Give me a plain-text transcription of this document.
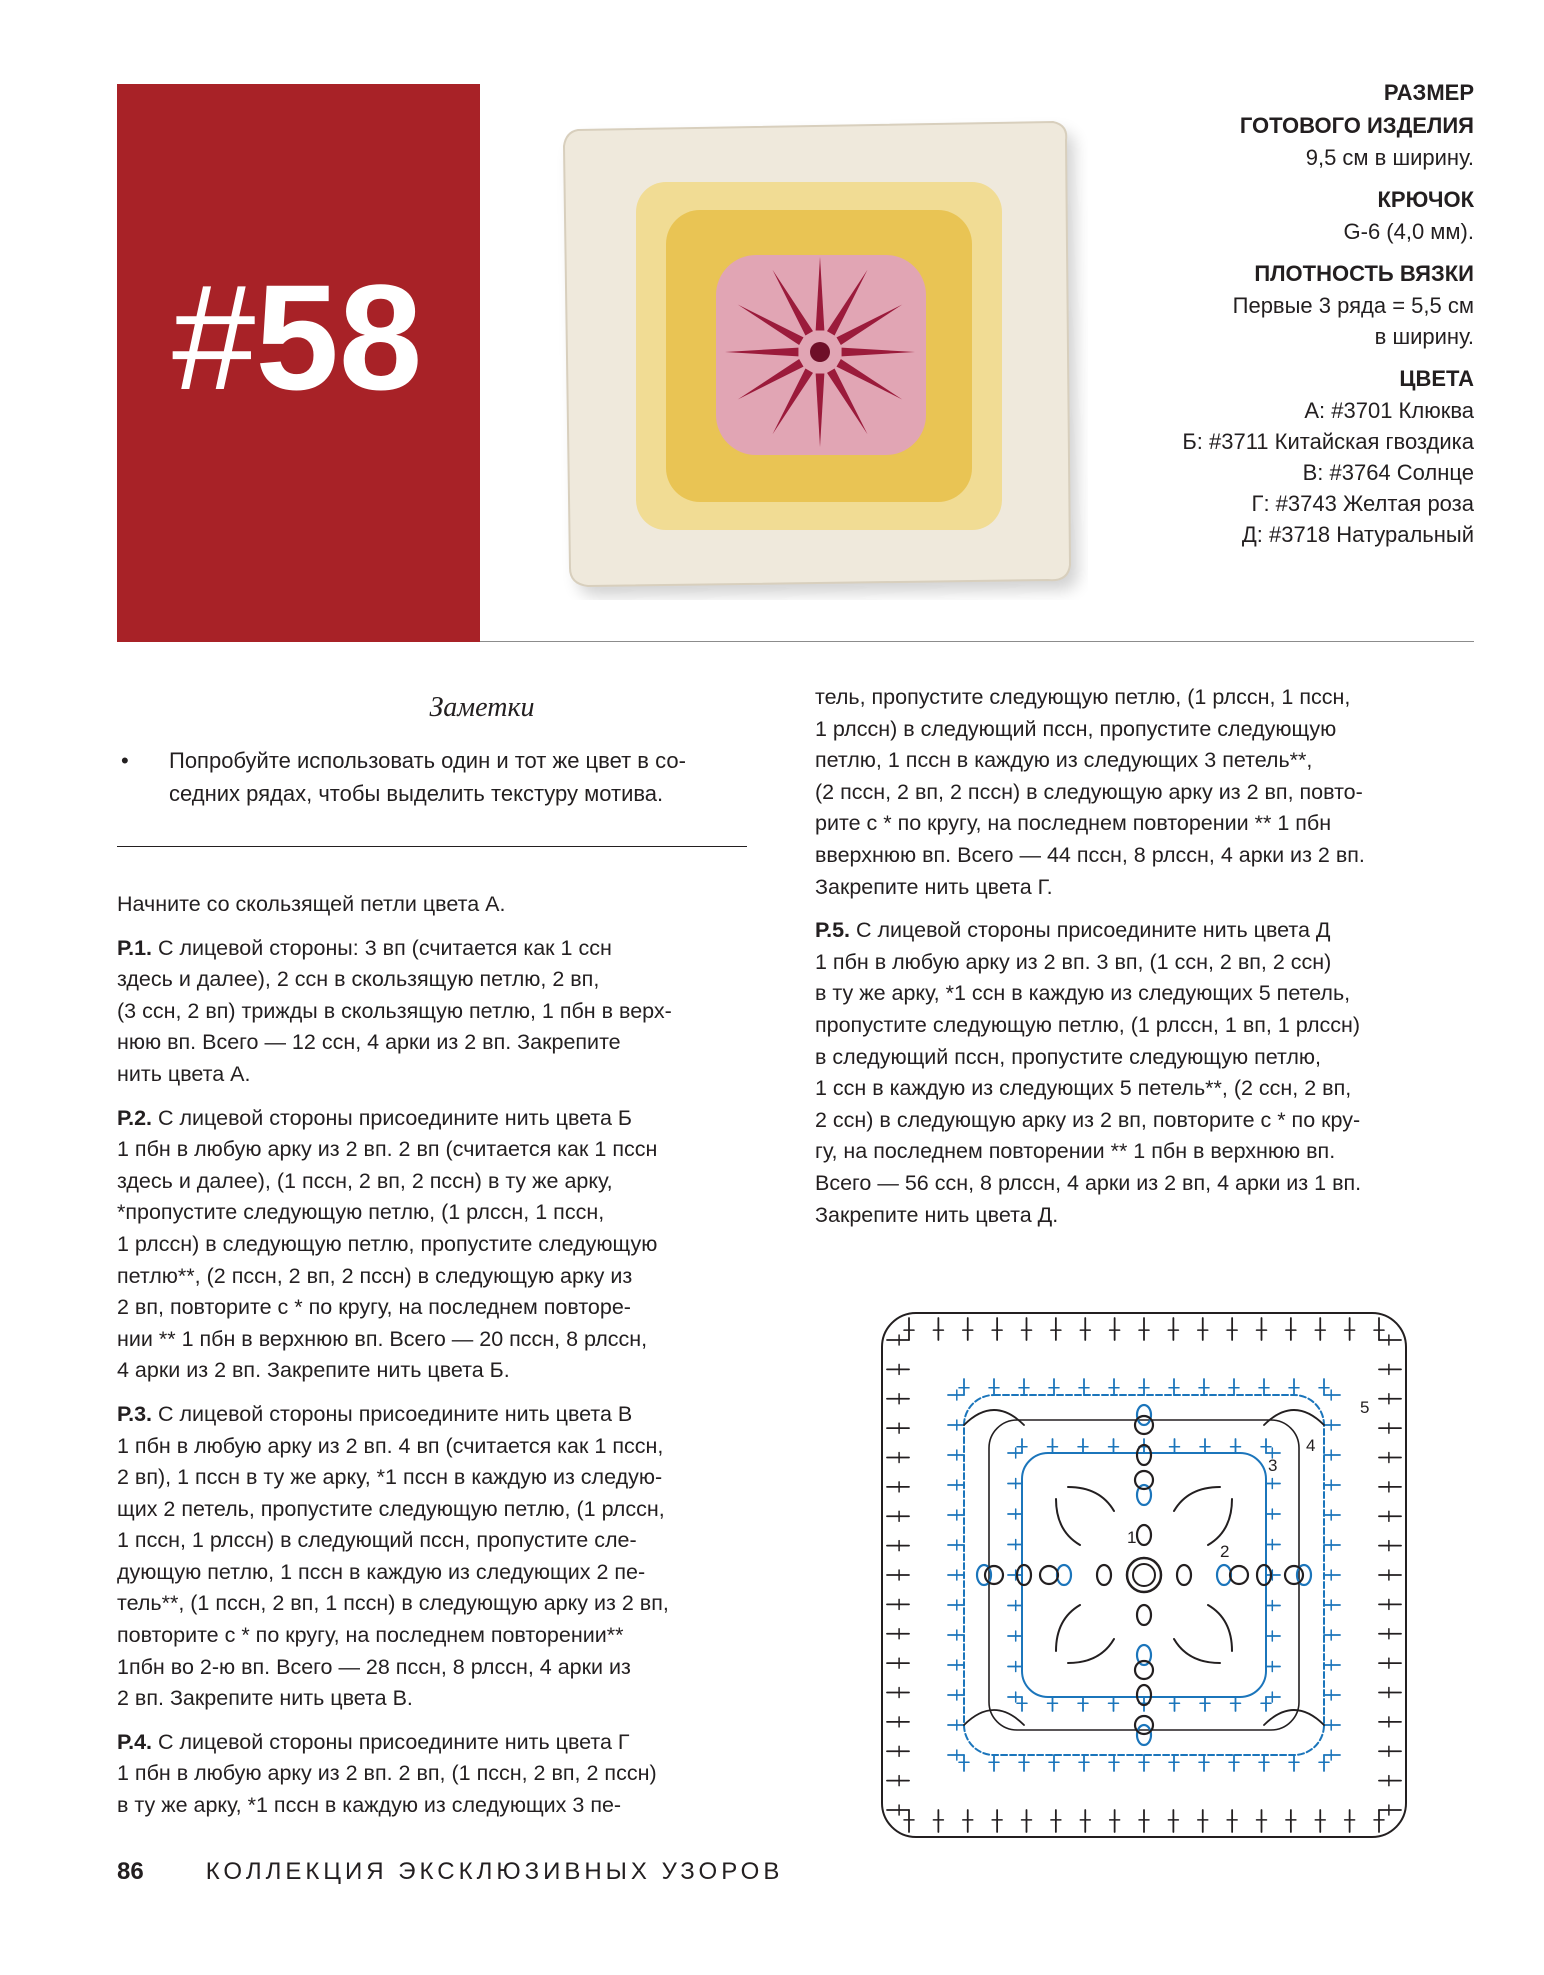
#58
РАЗМЕР
ГОТОВОГО ИЗДЕЛИЯ
9,5 см в ширину.
КРЮЧОК
G-6 (4,0 мм).
ПЛОТНОСТЬ ВЯЗКИ
Первые 3 ряда = 5,5 см
в ширину.
ЦВЕТА
А: #3701 Клюква
Б: #3711 Китайская гвоздика
В: #3764 Солнце
Г: #3743 Желтая роза
Д: #3718 Натуральный
Заметки
•	Попробуйте использовать один и тот же цвет в со-
седних рядах, чтобы выделить текстуру мотива.

Начните со скользящей петли цвета А.

Р.1. С лицевой стороны: 3 вп (считается как 1 ссн
здесь и далее), 2 ссн в скользящую петлю, 2 вп,
(3 ссн, 2 вп) трижды в скользящую петлю, 1 пбн в верх-
нюю вп. Всего — 12 ссн, 4 арки из 2 вп. Закрепите
нить цвета А.

Р.2. С лицевой стороны присоедините нить цвета Б
1 пбн в любую арку из 2 вп. 2 вп (считается как 1 пссн
здесь и далее), (1 пссн, 2 вп, 2 пссн) в ту же арку,
*пропустите следующую петлю, (1 рлссн, 1 пссн,
1 рлссн) в следующую петлю, пропустите следующую
петлю**, (2 пссн, 2 вп, 2 пссн) в следующую арку из
2 вп, повторите с * по кругу, на последнем повторе-
нии ** 1 пбн в верхнюю вп. Всего — 20 пссн, 8 рлссн,
4 арки из 2 вп. Закрепите нить цвета Б.

Р.3. С лицевой стороны присоедините нить цвета В
1 пбн в любую арку из 2 вп. 4 вп (считается как 1 пссн,
2 вп), 1 пссн в ту же арку, *1 пссн в каждую из следую-
щих 2 петель, пропустите следующую петлю, (1 рлссн,
1 пссн, 1 рлссн) в следующий пссн, пропустите сле-
дующую петлю, 1 пссн в каждую из следующих 2 пе-
тель**, (1 пссн, 2 вп, 1 пссн) в следующую арку из 2 вп,
повторите с * по кругу, на последнем повторении**
1пбн во 2-ю вп. Всего — 28 пссн, 8 рлссн, 4 арки из
2 вп. Закрепите нить цвета В.

Р.4. С лицевой стороны присоедините нить цвета Г
1 пбн в любую арку из 2 вп. 2 вп, (1 пссн, 2 вп, 2 пссн)
в ту же арку, *1 пссн в каждую из следующих 3 пе-

тель, пропустите следующую петлю, (1 рлссн, 1 пссн,
1 рлссн) в следующий пссн, пропустите следующую
петлю, 1 пссн в каждую из следующих 3 петель**,
(2 пссн, 2 вп, 2 пссн) в следующую арку из 2 вп, повто-
рите с * по кругу, на последнем повторении ** 1 пбн
вверхнюю вп. Всего — 44 пссн, 8 рлссн, 4 арки из 2 вп.
Закрепите нить цвета Г.

Р.5. С лицевой стороны присоедините нить цвета Д
1 пбн в любую арку из 2 вп. 3 вп, (1 ссн, 2 вп, 2 ссн)
в ту же арку, *1 ссн в каждую из следующих 5 петель,
пропустите следующую петлю, (1 рлссн, 1 вп, 1 рлссн)
в следующий пссн, пропустите следующую петлю,
1 ссн в каждую из следующих 5 петель**, (2 ссн, 2 вп,
2 ссн) в следующую арку из 2 вп, повторите с * по кру-
гу, на последнем повторении ** 1 пбн в верхнюю вп.
Всего — 56 ссн, 8 рлссн, 4 арки из 2 вп, 4 арки из 1 вп.
Закрепите нить цвета Д.

1
2
3
4
5
86	КОЛЛЕКЦИЯ ЭКСКЛЮЗИВНЫХ УЗОРОВ
